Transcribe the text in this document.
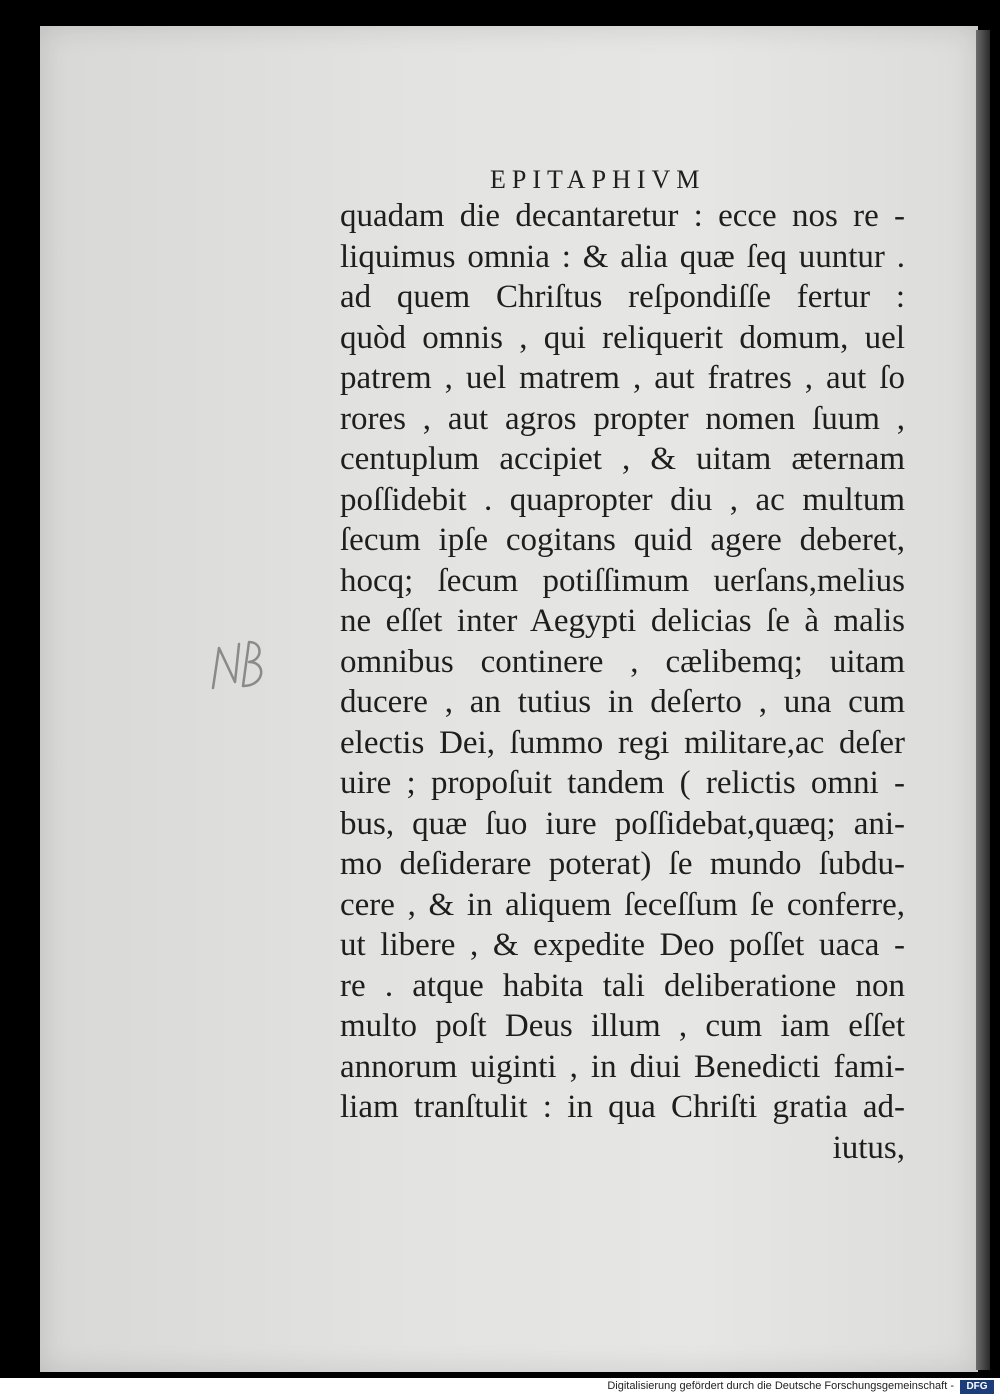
EPITAPHIVM
quadam die decantaretur : ecce nos re -
liquimus omnia : & alia quæ ſeq uuntur .
ad quem Chriſtus reſpondiſſe fertur :
quòd omnis , qui reliquerit domum, uel
patrem , uel matrem , aut fratres , aut ſo
rores , aut agros propter nomen ſuum ,
centuplum accipiet , & uitam æternam
poſſidebit . quapropter diu , ac multum
ſecum ipſe cogitans quid agere deberet,
hocq; ſecum potiſſimum uerſans,melius
ne eſſet inter Aegypti delicias ſe à malis
omnibus continere , cælibemq; uitam
ducere , an tutius in deſerto , una cum
electis Dei, ſummo regi militare,ac deſer
uire ; propoſuit tandem ( relictis omni -
bus, quæ ſuo iure poſſidebat,quæq; ani-
mo deſiderare poterat) ſe mundo ſubdu-
cere , & in aliquem ſeceſſum ſe conferre,
ut libere , & expedite Deo poſſet uaca -
re . atque habita tali deliberatione non
multo poſt Deus illum , cum iam eſſet
annorum uiginti , in diui Benedicti fami-
liam tranſtulit : in qua Chriſti gratia ad-
iutus,
Digitalisierung gefördert durch die Deutsche Forschungsgemeinschaft -	DFG
